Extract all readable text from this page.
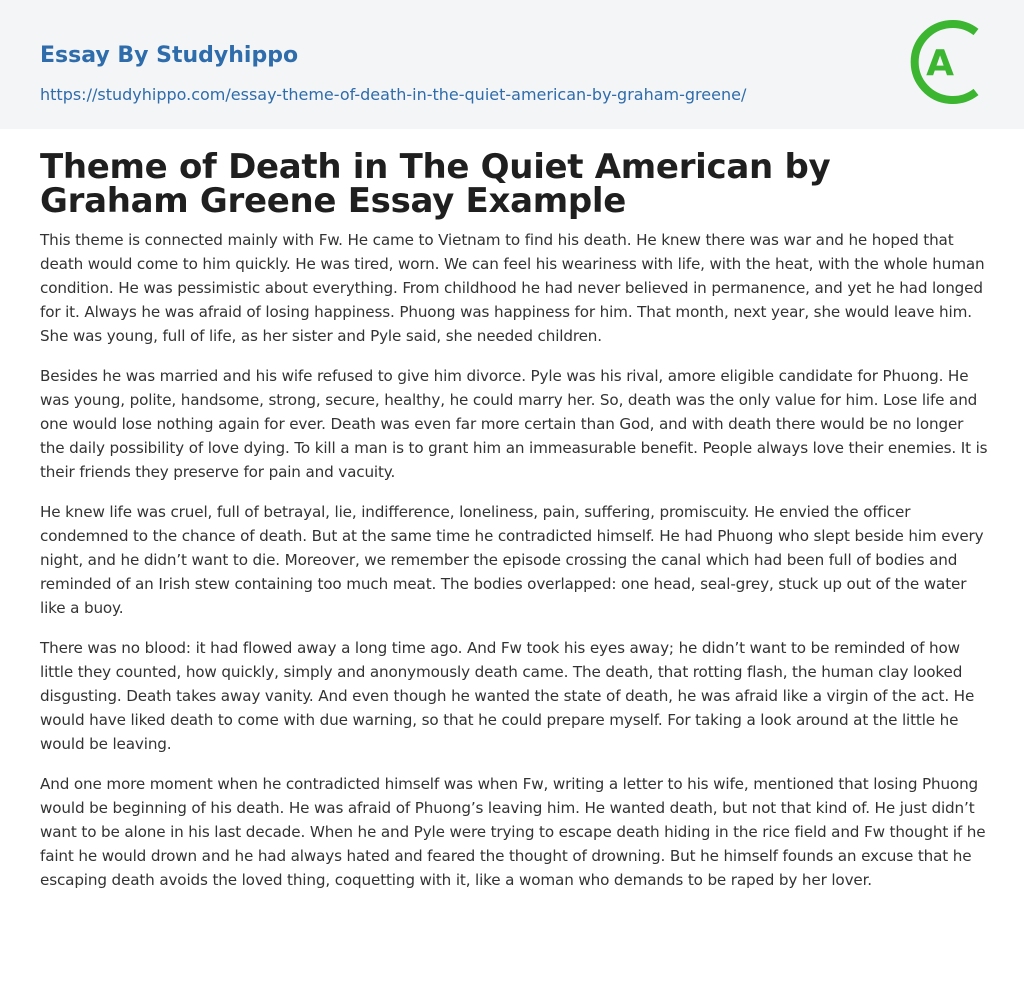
Essay By Studyhippo
https://studyhippo.com/essay-theme-of-death-in-the-quiet-american-by-graham-greene/
A
Theme of Death in The Quiet American by Graham Greene Essay Example

This theme is connected mainly with Fw. He came to Vietnam to find his death. He knew there was war and he hoped that death would come to him quickly. He was tired, worn. We can feel his weariness with life, with the heat, with the whole human condition. He was pessimistic about everything. From childhood he had never believed in permanence, and yet he had longed for it. Always he was afraid of losing happiness. Phuong was happiness for him. That month, next year, she would leave him. She was young, full of life, as her sister and Pyle said, she needed children.

Besides he was married and his wife refused to give him divorce. Pyle was his rival, amore eligible candidate for Phuong. He was young, polite, handsome, strong, secure, healthy, he could marry her. So, death was the only value for him. Lose life and one would lose nothing again for ever. Death was even far more certain than God, and with death there would be no longer the daily possibility of love dying. To kill a man is to grant him an immeasurable benefit. People always love their enemies. It is their friends they preserve for pain and vacuity.

He knew life was cruel, full of betrayal, lie, indifference, loneliness, pain, suffering, promiscuity. He envied the officer condemned to the chance of death. But at the same time he contradicted himself. He had Phuong who slept beside him every night, and he didn’t want to die. Moreover, we remember the episode crossing the canal which had been full of bodies and reminded of an Irish stew containing too much meat. The bodies overlapped: one head, seal-grey, stuck up out of the water like a buoy.

There was no blood: it had flowed away a long time ago. And Fw took his eyes away; he didn’t want to be reminded of how little they counted, how quickly, simply and anonymously death came. The death, that rotting flash, the human clay looked disgusting. Death takes away vanity. And even though he wanted the state of death, he was afraid like a virgin of the act. He would have liked death to come with due warning, so that he could prepare myself. For taking a look around at the little he would be leaving.

And one more moment when he contradicted himself was when Fw, writing a letter to his wife, mentioned that losing Phuong would be beginning of his death. He was afraid of Phuong’s leaving him. He wanted death, but not that kind of. He just didn’t want to be alone in his last decade. When he and Pyle were trying to escape death hiding in the rice field and Fw thought if he faint he would drown and he had always hated and feared the thought of drowning. But he himself founds an excuse that he escaping death avoids the loved thing, coquetting with it, like a woman who demands to be raped by her lover.
